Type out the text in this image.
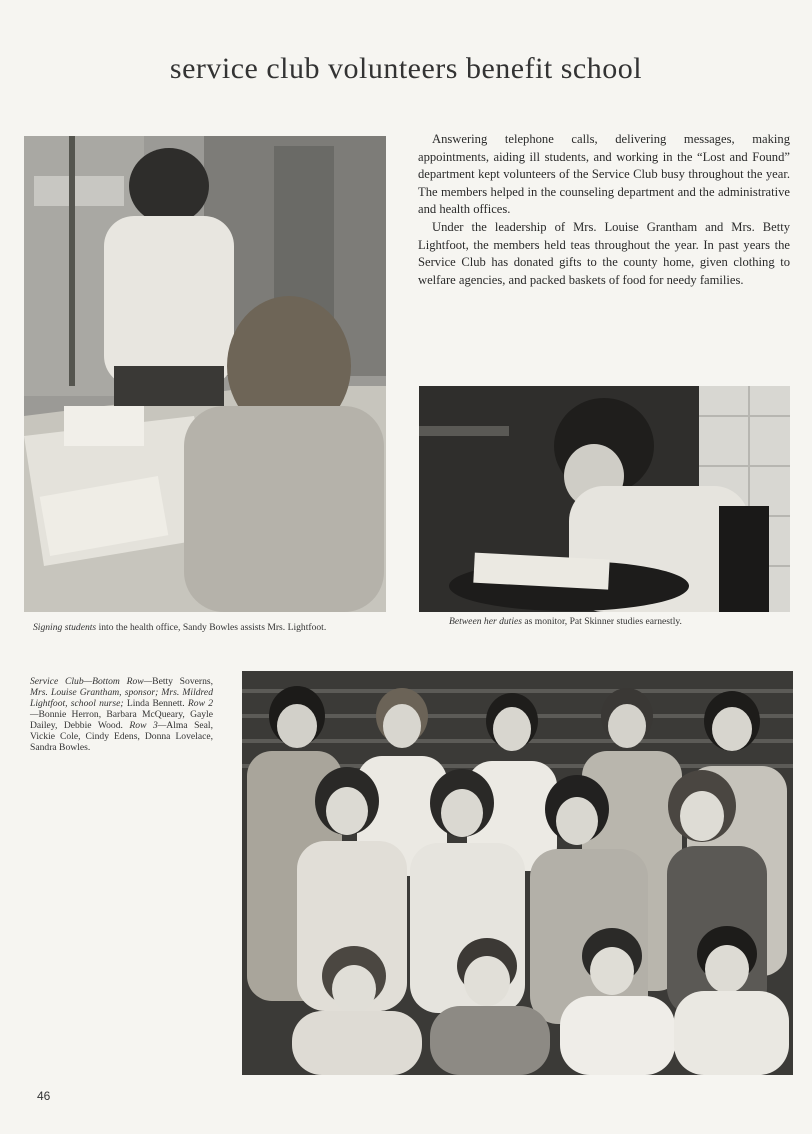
service club volunteers benefit school

Answering telephone calls, delivering messages, making appointments, aiding ill students, and working in the “Lost and Found” department kept volunteers of the Service Club busy throughout the year. The members helped in the counseling department and the administrative and health offices.

Under the leadership of Mrs. Louise Grantham and Mrs. Betty Lightfoot, the members held teas throughout the year. In past years the Service Club has donated gifts to the county home, given clothing to welfare agencies, and packed baskets of food for needy families.

Signing students into the health office, Sandy Bowles assists Mrs. Lightfoot.
Between her duties as monitor, Pat Skinner studies earnestly.
Service Club—Bottom Row—Betty Soverns, Mrs. Louise Grantham, sponsor; Mrs. Mildred Lightfoot, school nurse; Linda Bennett. Row 2—Bonnie Herron, Barbara McQueary, Gayle Dailey, Debbie Wood. Row 3—Alma Seal, Vickie Cole, Cindy Edens, Donna Lovelace, Sandra Bowles.
46
